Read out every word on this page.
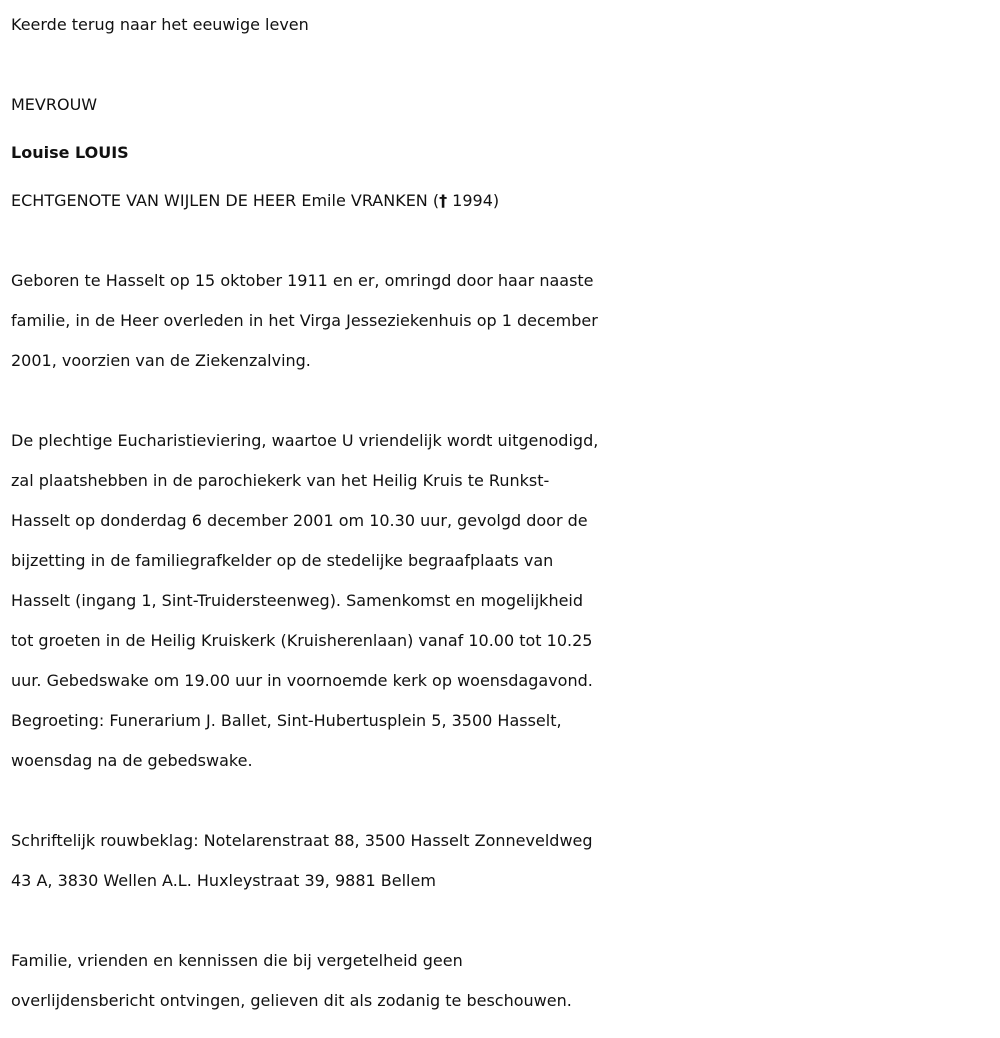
Keerde terug naar het eeuwige leven

MEVROUW

Louise LOUIS

ECHTGENOTE VAN WIJLEN DE HEER Emile VRANKEN († 1994)

Geboren te Hasselt op 15 oktober 1911 en er, omringd door haar naaste

familie, in de Heer overleden in het Virga Jesseziekenhuis op 1 december

2001, voorzien van de Ziekenzalving.

De plechtige Eucharistieviering, waartoe U vriendelijk wordt uitgenodigd,

zal plaatshebben in de parochiekerk van het Heilig Kruis te Runkst-

Hasselt op donderdag 6 december 2001 om 10.30 uur, gevolgd door de

bijzetting in de familiegrafkelder op de stedelijke begraafplaats van

Hasselt (ingang 1, Sint-Truidersteenweg). Samenkomst en mogelijkheid

tot groeten in de Heilig Kruiskerk (Kruisherenlaan) vanaf 10.00 tot 10.25

uur. Gebedswake om 19.00 uur in voornoemde kerk op woensdagavond.

Begroeting: Funerarium J. Ballet, Sint-Hubertusplein 5, 3500 Hasselt,

woensdag na de gebedswake.

Schriftelijk rouwbeklag: Notelarenstraat 88, 3500 Hasselt Zonneveldweg

43 A, 3830 Wellen A.L. Huxleystraat 39, 9881 Bellem

Familie, vrienden en kennissen die bij vergetelheid geen

overlijdensbericht ontvingen, gelieven dit als zodanig te beschouwen.
